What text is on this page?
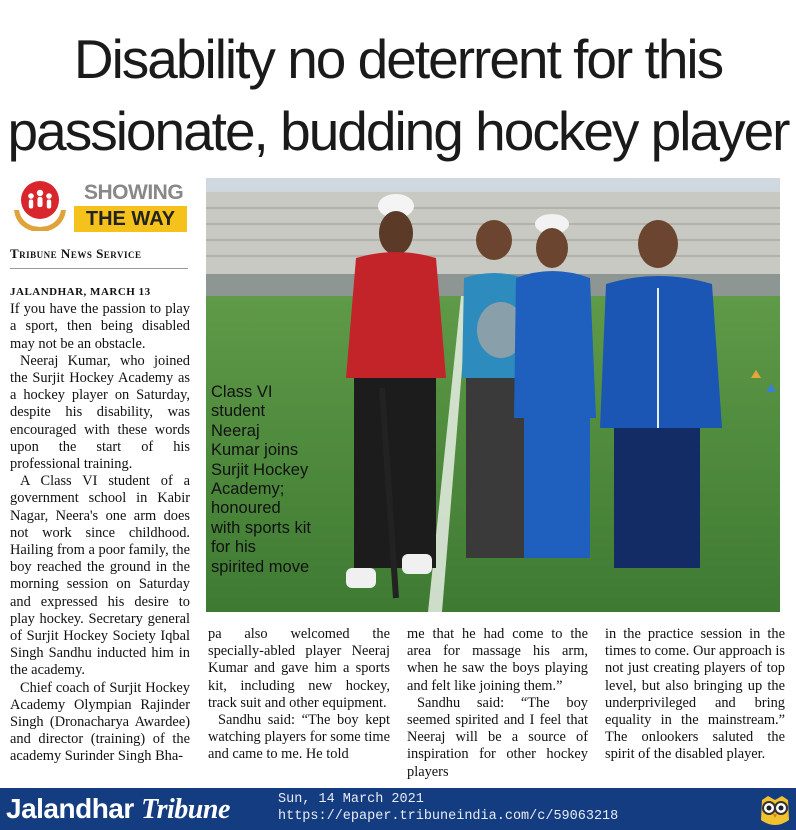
Disability no deterrent for this
passionate, budding hockey player
SHOWING
THE WAY
Tribune News Service
JALANDHAR, MARCH 13

If you have the passion to play a sport, then being disabled may not be an obstacle.

Neeraj Kumar, who joined the Surjit Hockey Academy as a hockey player on Saturday, despite his disability, was encouraged with these words upon the start of his professional training.

A Class VI student of a government school in Kabir Nagar, Neera's one arm does not work since childhood. Hailing from a poor family, the boy reached the ground in the morning session on Saturday and expressed his desire to play hockey. Secretary general of Surjit Hockey Society Iqbal Singh Sandhu inducted him in the academy.

Chief coach of Surjit Hockey Academy Olympian Rajinder Singh (Dronacharya Awardee) and director (training) of the academy Surinder Singh Bha-

Class VI student Neeraj Kumar joins Surjit Hockey Academy; honoured with sports kit for his spirited move

pa also welcomed the specially-abled player Neeraj Kumar and gave him a sports kit, including new hockey, track suit and other equipment.

Sandhu said: “The boy kept watching players for some time and came to me. He told

me that he had come to the area for massage his arm, when he saw the boys playing and felt like joining them.”

Sandhu said: “The boy seemed spirited and I feel that Neeraj will be a source of inspiration for other hockey players

in the practice session in the times to come. Our approach is not just creating players of top level, but also bringing up the underprivileged and bring equality in the mainstream.” The onlookers saluted the spirit of the disabled player.

Jalandhar Tribune	Sun, 14 March 2021
https://epaper.tribuneindia.com/c/59063218
